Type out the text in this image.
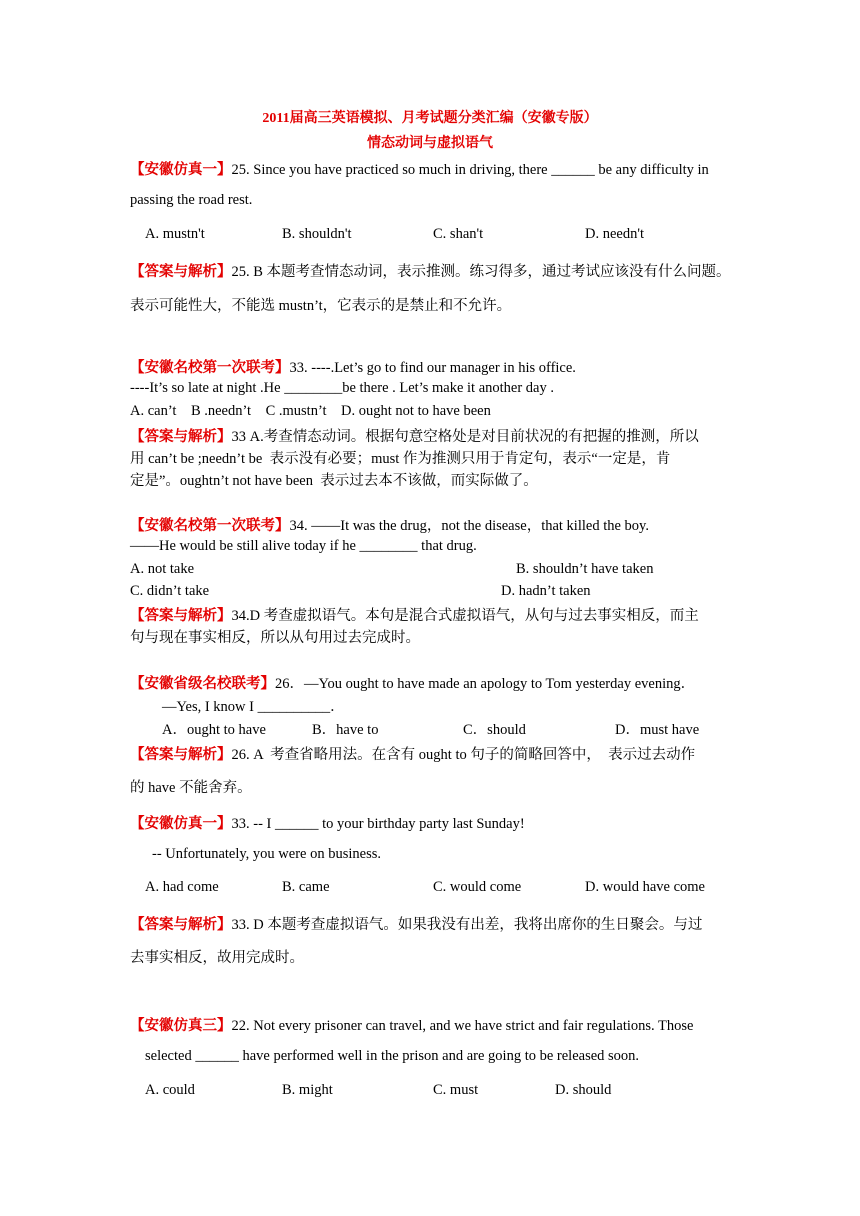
2011届高三英语模拟、月考试题分类汇编（安徽专版）
情态动词与虚拟语气
【安徽仿真一】25. Since you have practiced so much in driving, there ______ be any difficulty in
passing the road rest.
A. mustn't	B. shouldn't	C. shan't	D. needn't
【答案与解析】25. B 本题考查情态动词，表示推测。练习得多，通过考试应该没有什么问题。
表示可能性大，不能选 mustn’t，它表示的是禁止和不允许。
【安徽名校第一次联考】33. ----.Let’s go to find our manager in his office.
----It’s so late at night .He ________be there . Let’s make it another day .
A. can’t    B .needn’t    C .mustn’t    D. ought not to have been
【答案与解析】33 A.考查情态动词。根据句意空格处是对目前状况的有把握的推测，所以
用 can’t be ;needn’t be  表示没有必要；must 作为推测只用于肯定句，表示“一定是，肯
定是”。oughtn’t not have been  表示过去本不该做，而实际做了。
【安徽名校第一次联考】34. ——It was the drug，not the disease，that killed the boy.
——He would be still alive today if he ________ that drug.
A. not take	B. shouldn’t have taken
C. didn’t take	D. hadn’t taken
【答案与解析】34.D 考查虚拟语气。本句是混合式虚拟语气，从句与过去事实相反，而主
句与现在事实相反，所以从句用过去完成时。
【安徽省级名校联考】26．—You ought to have made an apology to Tom yesterday evening．
—Yes, I know I __________．
A．ought to have	B．have to	C．should	D．must have
【答案与解析】26. A  考查省略用法。在含有 ought to 句子的简略回答中，  表示过去动作
的 have 不能舍弃。
【安徽仿真一】33. -- I ______ to your birthday party last Sunday!
-- Unfortunately, you were on business.
A. had come	B. came	C. would come	D. would have come
【答案与解析】33. D 本题考查虚拟语气。如果我没有出差，我将出席你的生日聚会。与过
去事实相反，故用完成时。
【安徽仿真三】22. Not every prisoner can travel, and we have strict and fair regulations. Those
selected ______ have performed well in the prison and are going to be released soon.
A. could	B. might	C. must	D. should
